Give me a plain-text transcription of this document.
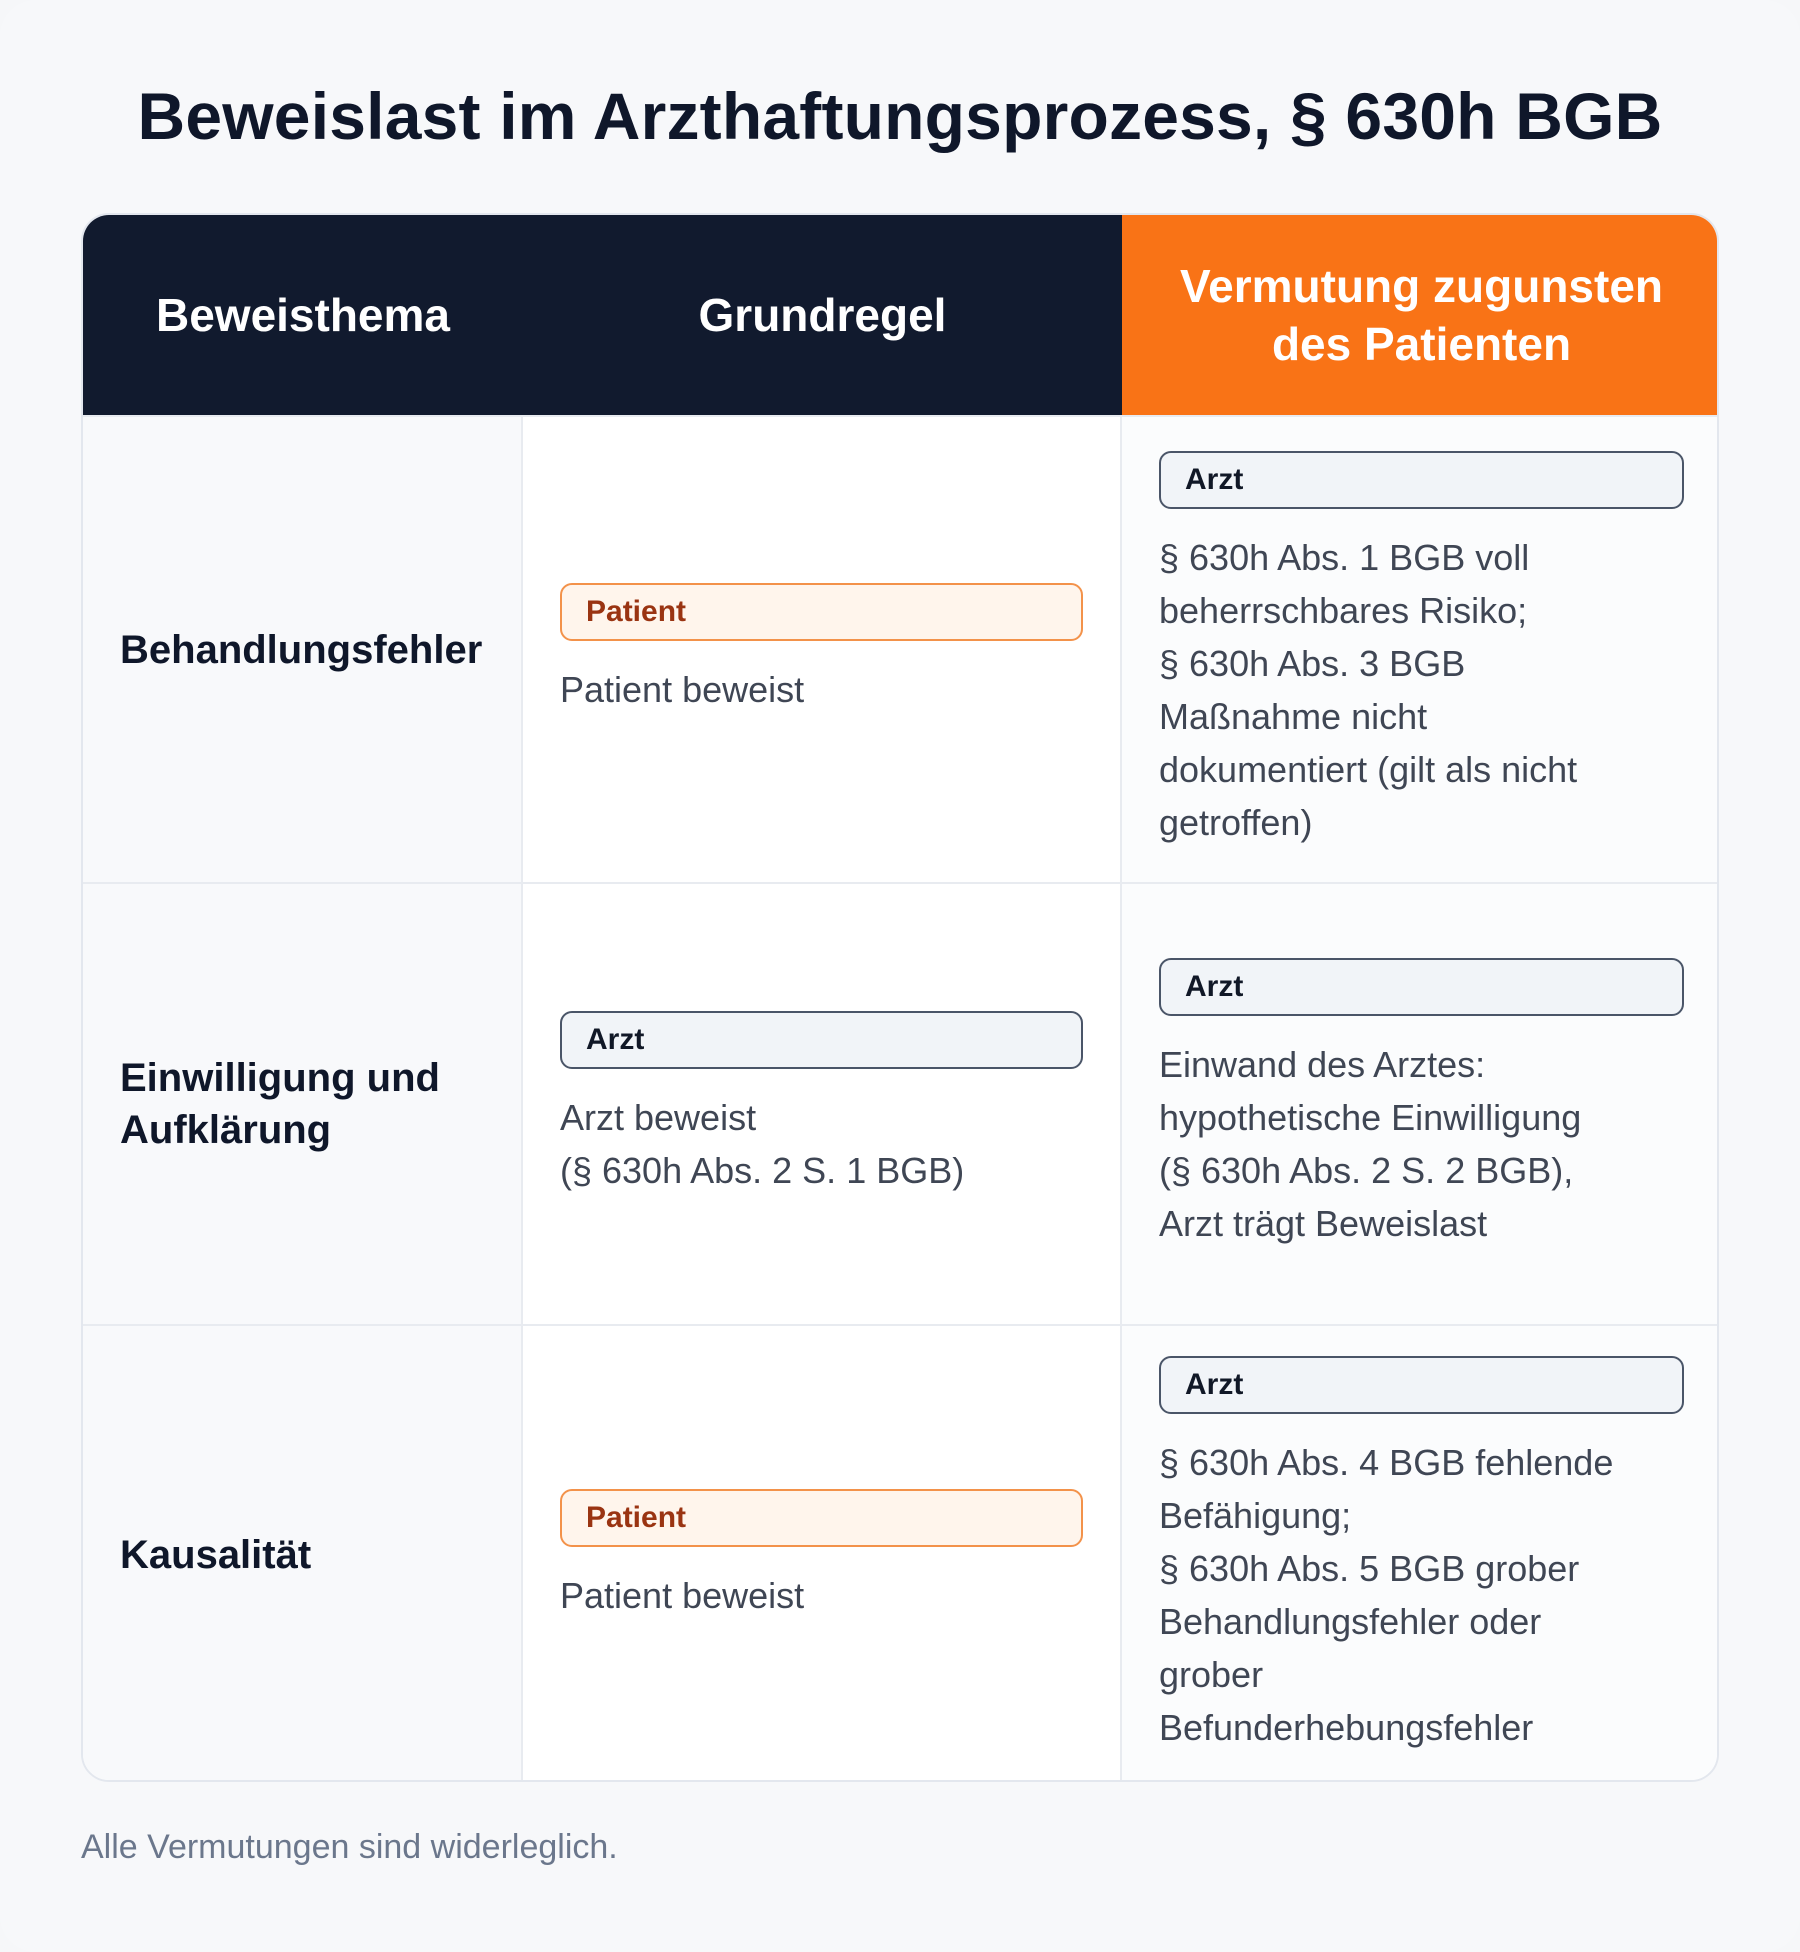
Beweislast im Arzthaftungsprozess, § 630h BGB
Beweisthema	Grundregel
Vermutung zugunsten des Patienten
Behandlungsfehler
Patient
Patient beweist
Arzt
§ 630h Abs. 1 BGB voll
beherrschbares Risiko;
§ 630h Abs. 3 BGB
Maßnahme nicht
dokumentiert (gilt als nicht
getroffen)
Einwilligung und
Aufklärung
Arzt
Arzt beweist
(§ 630h Abs. 2 S. 1 BGB)
Arzt
Einwand des Arztes:
hypothetische Einwilligung
(§ 630h Abs. 2 S. 2 BGB),
Arzt trägt Beweislast
Kausalität
Patient
Patient beweist
Arzt
§ 630h Abs. 4 BGB fehlende
Befähigung;
§ 630h Abs. 5 BGB grober
Behandlungsfehler oder
grober
Befunderhebungsfehler
Alle Vermutungen sind widerleglich.
